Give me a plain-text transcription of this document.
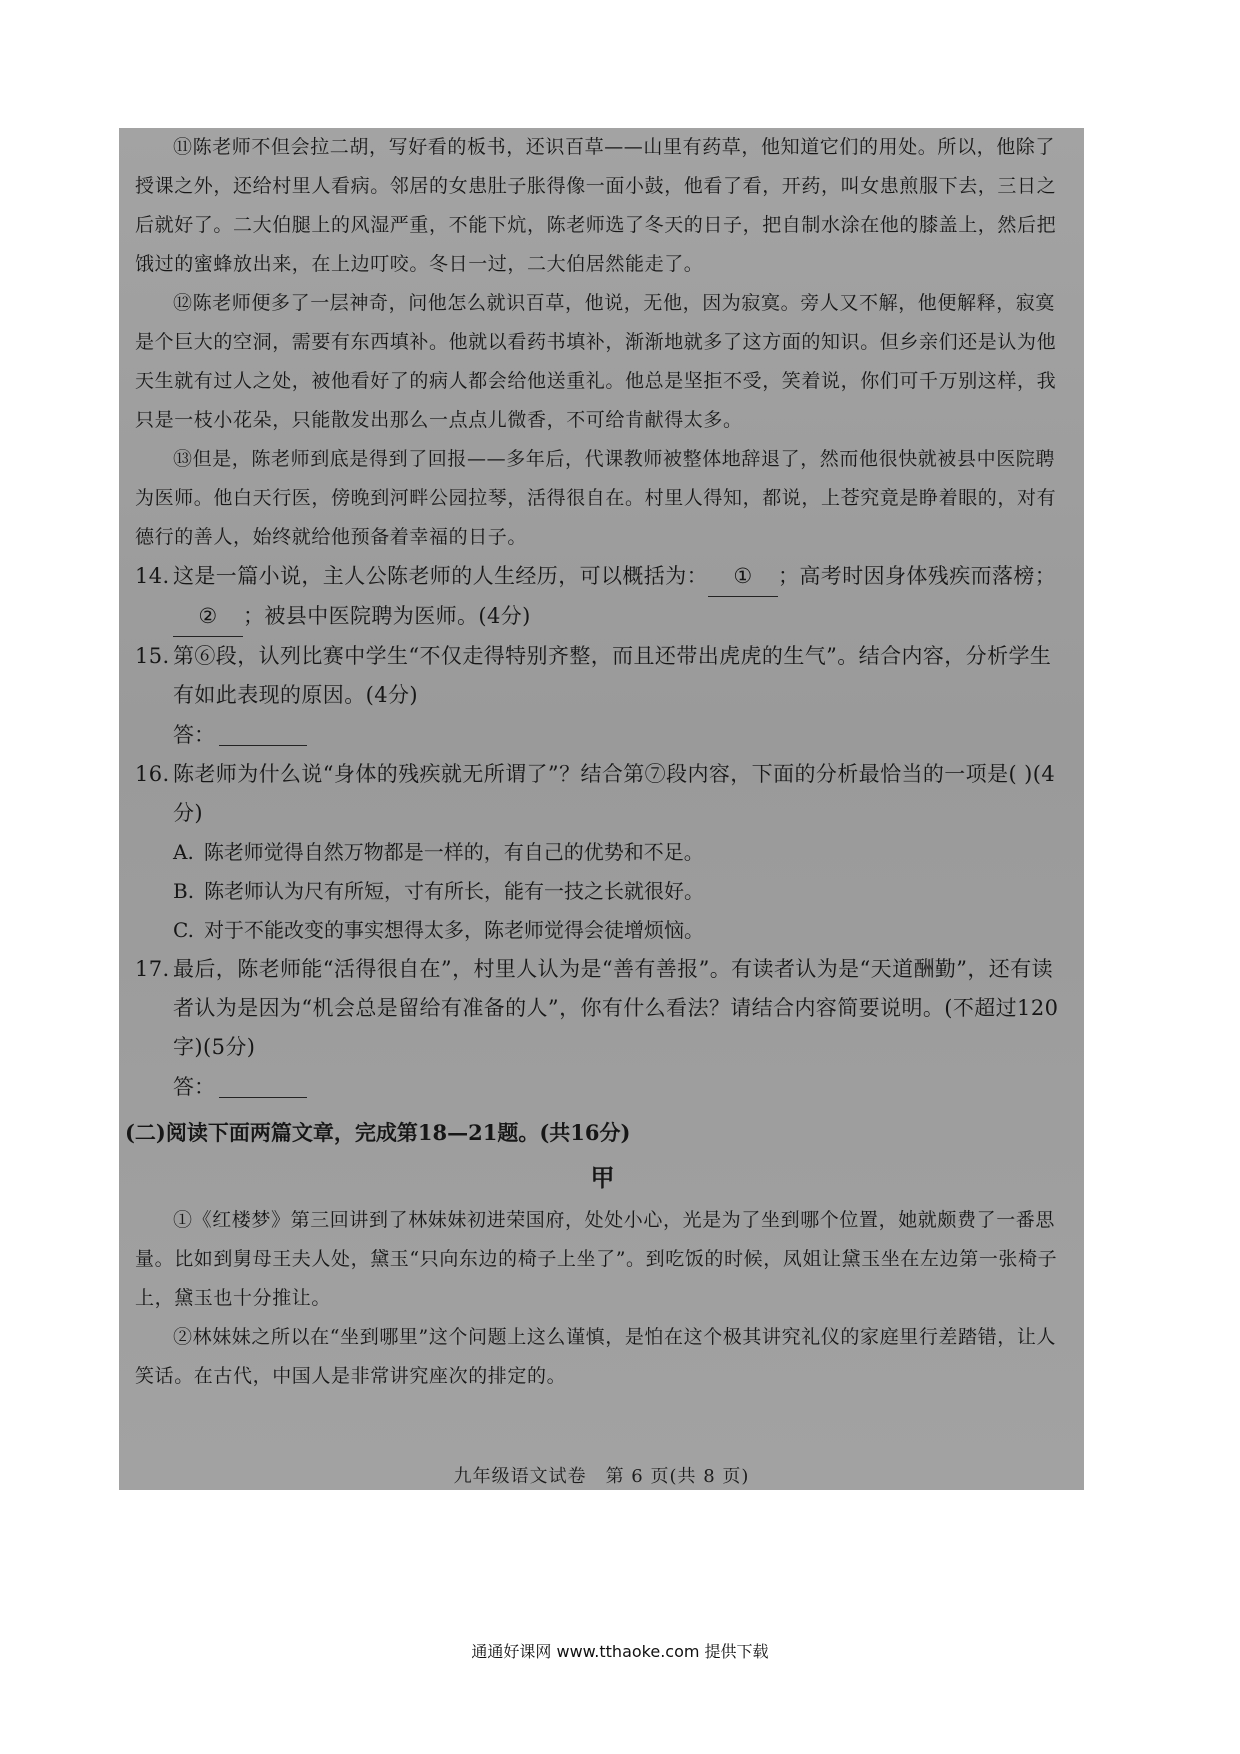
⑪陈老师不但会拉二胡，写好看的板书，还识百草——山里有药草，他知道它们的用处。所以，他除了授课之外，还给村里人看病。邻居的女患肚子胀得像一面小鼓，他看了看，开药，叫女患煎服下去，三日之后就好了。二大伯腿上的风湿严重，不能下炕，陈老师选了冬天的日子，把自制水涂在他的膝盖上，然后把饿过的蜜蜂放出来，在上边叮咬。冬日一过，二大伯居然能走了。

⑫陈老师便多了一层神奇，问他怎么就识百草，他说，无他，因为寂寞。旁人又不解，他便解释，寂寞是个巨大的空洞，需要有东西填补。他就以看药书填补，渐渐地就多了这方面的知识。但乡亲们还是认为他天生就有过人之处，被他看好了的病人都会给他送重礼。他总是坚拒不受，笑着说，你们可千万别这样，我只是一枝小花朵，只能散发出那么一点点儿微香，不可给肯献得太多。

⑬但是，陈老师到底是得到了回报——多年后，代课教师被整体地辞退了，然而他很快就被县中医院聘为医师。他白天行医，傍晚到河畔公园拉琴，活得很自在。村里人得知，都说，上苍究竟是睁着眼的，对有德行的善人，始终就给他预备着幸福的日子。

14. 这是一篇小说，主人公陈老师的人生经历，可以概括为： ① ；高考时因身体残疾而落榜；② ；被县中医院聘为医师。(4分)
15. 第⑥段，认列比赛中学生“不仅走得特别齐整，而且还带出虎虎的生气”。结合内容，分析学生有如此表现的原因。(4分)

答：

16. 陈老师为什么说“身体的残疾就无所谓了”？结合第⑦段内容，下面的分析最恰当的一项是( )(4分)

A. 陈老师觉得自然万物都是一样的，有自己的优势和不足。

B. 陈老师认为尺有所短，寸有所长，能有一技之长就很好。

C. 对于不能改变的事实想得太多，陈老师觉得会徒增烦恼。

17. 最后，陈老师能“活得很自在”，村里人认为是“善有善报”。有读者认为是“天道酬勤”，还有读者认为是因为“机会总是留给有准备的人”，你有什么看法？请结合内容简要说明。(不超过120字)(5分)

答：

(二)阅读下面两篇文章，完成第18—21题。(共16分)

甲

①《红楼梦》第三回讲到了林妹妹初进荣国府，处处小心，光是为了坐到哪个位置，她就颇费了一番思量。比如到舅母王夫人处，黛玉“只向东边的椅子上坐了”。到吃饭的时候，凤姐让黛玉坐在左边第一张椅子上，黛玉也十分推让。

②林妹妹之所以在“坐到哪里”这个问题上这么谨慎，是怕在这个极其讲究礼仪的家庭里行差踏错，让人笑话。在古代，中国人是非常讲究座次的排定的。

九年级语文试卷　第 6 页(共 8 页)
通通好课网 www.tthaoke.com 提供下载
